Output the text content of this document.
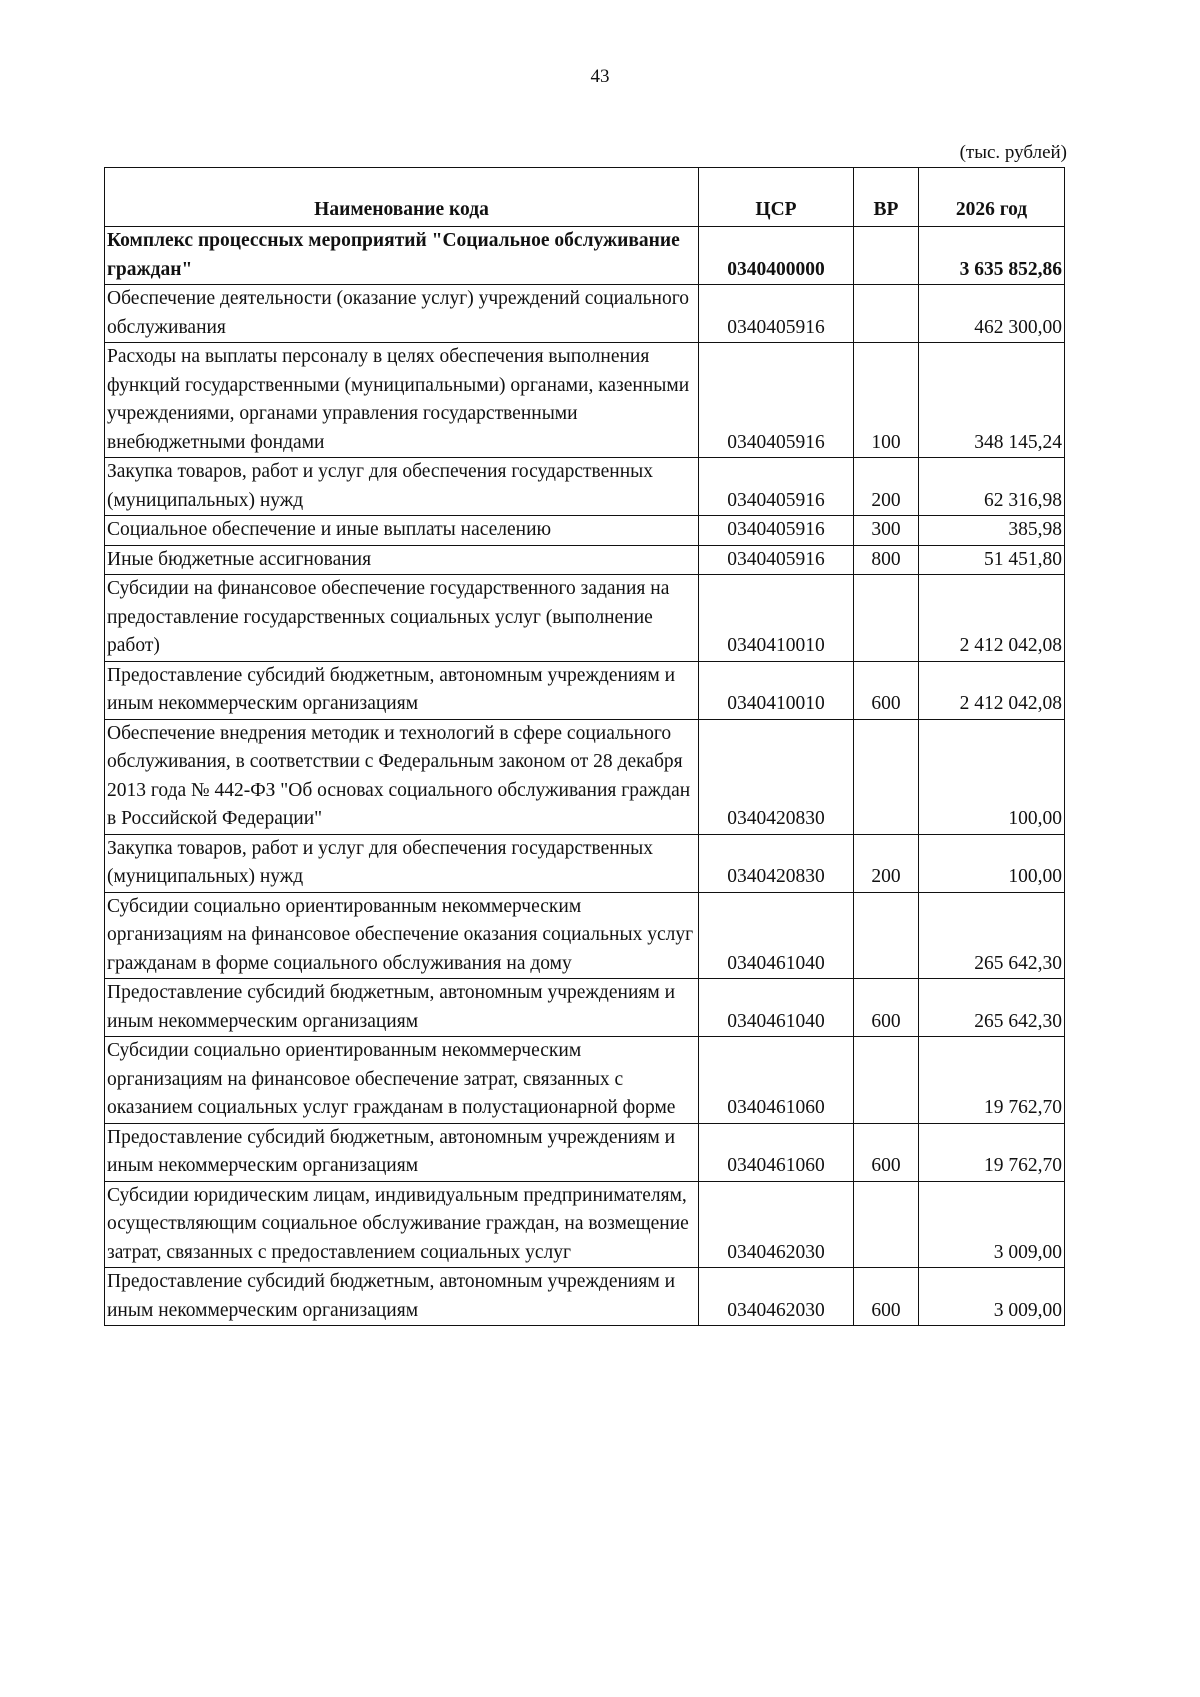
43
(тыс. рублей)
Наименование кода	ЦСР	ВР	2026 год
Комплекс процессных мероприятий "Социальное обслуживание граждан"	0340400000		3 635 852,86
Обеспечение деятельности (оказание услуг) учреждений социального обслуживания	0340405916		462 300,00
Расходы на выплаты персоналу в целях обеспечения выполнения функций государственными (муниципальными) органами, казенными учреждениями, органами управления государственными внебюджетными фондами	0340405916	100	348 145,24
Закупка товаров, работ и услуг для обеспечения государственных (муниципальных) нужд	0340405916	200	62 316,98
Социальное обеспечение и иные выплаты населению	0340405916	300	385,98
Иные бюджетные ассигнования	0340405916	800	51 451,80
Субсидии на финансовое обеспечение государственного задания на предоставление государственных социальных услуг (выполнение работ)	0340410010		2 412 042,08
Предоставление субсидий бюджетным, автономным учреждениям и иным некоммерческим организациям	0340410010	600	2 412 042,08
Обеспечение внедрения методик и технологий в сфере социального обслуживания, в соответствии с Федеральным законом от 28 декабря 2013 года № 442-ФЗ "Об основах социального обслуживания граждан в Российской Федерации"	0340420830		100,00
Закупка товаров, работ и услуг для обеспечения государственных (муниципальных) нужд	0340420830	200	100,00
Субсидии социально ориентированным некоммерческим организациям на финансовое обеспечение оказания социальных услуг гражданам в форме социального обслуживания на дому	0340461040		265 642,30
Предоставление субсидий бюджетным, автономным учреждениям и иным некоммерческим организациям	0340461040	600	265 642,30
Субсидии социально ориентированным некоммерческим организациям на финансовое обеспечение затрат, связанных с оказанием социальных услуг гражданам в полустационарной форме	0340461060		19 762,70
Предоставление субсидий бюджетным, автономным учреждениям и иным некоммерческим организациям	0340461060	600	19 762,70
Субсидии юридическим лицам, индивидуальным предпринимателям, осуществляющим социальное обслуживание граждан, на возмещение затрат, связанных с предоставлением социальных услуг	0340462030		3 009,00
Предоставление субсидий бюджетным, автономным учреждениям и иным некоммерческим организациям	0340462030	600	3 009,00
